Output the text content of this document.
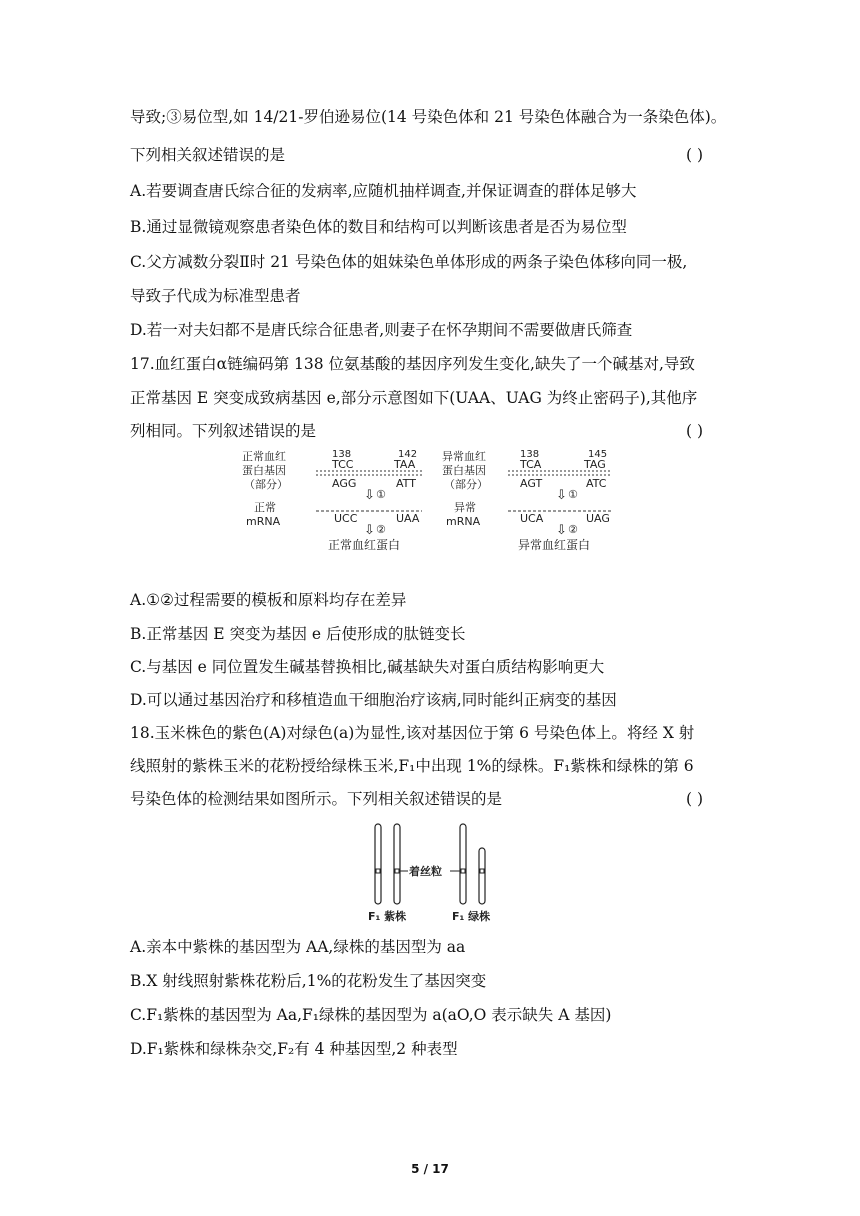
导致;③易位型,如 14/21-罗伯逊易位(14 号染色体和 21 号染色体融合为一条染色体)。
下列相关叙述错误的是	( )
A.若要调查唐氏综合征的发病率,应随机抽样调查,并保证调查的群体足够大
B.通过显微镜观察患者染色体的数目和结构可以判断该患者是否为易位型
C.父方减数分裂Ⅱ时 21 号染色体的姐妹染色单体形成的两条子染色体移向同一极,
导致子代成为标准型患者
D.若一对夫妇都不是唐氏综合征患者,则妻子在怀孕期间不需要做唐氏筛查
17.血红蛋白α链编码第 138 位氨基酸的基因序列发生变化,缺失了一个碱基对,导致
正常基因 E 突变成致病基因 e,部分示意图如下(UAA、UAG 为终止密码子),其他序
列相同。下列叙述错误的是	( )
正常血红
蛋白基因
（部分）
138	142
TCC	TAA
AGG	ATT
⇩ ①
正常
mRNA	UCC	UAA
⇩ ②
正常血红蛋白
异常血红
蛋白基因
（部分）
138	145
TCA	TAG
AGT	ATC
⇩ ①
异常
mRNA	UCA	UAG
⇩ ②
异常血红蛋白
A.①②过程需要的模板和原料均存在差异
B.正常基因 E 突变为基因 e 后使形成的肽链变长
C.与基因 e 同位置发生碱基替换相比,碱基缺失对蛋白质结构影响更大
D.可以通过基因治疗和移植造血干细胞治疗该病,同时能纠正病变的基因
18.玉米株色的紫色(A)对绿色(a)为显性,该对基因位于第 6 号染色体上。将经 X 射
线照射的紫株玉米的花粉授给绿株玉米,F₁中出现 1%的绿株。F₁紫株和绿株的第 6
号染色体的检测结果如图所示。下列相关叙述错误的是	( )
着丝粒
F₁ 紫株	F₁ 绿株
A.亲本中紫株的基因型为 AA,绿株的基因型为 aa
B.X 射线照射紫株花粉后,1%的花粉发生了基因突变
C.F₁紫株的基因型为 Aa,F₁绿株的基因型为 a(aO,O 表示缺失 A 基因)
D.F₁紫株和绿株杂交,F₂有 4 种基因型,2 种表型
5 / 17
